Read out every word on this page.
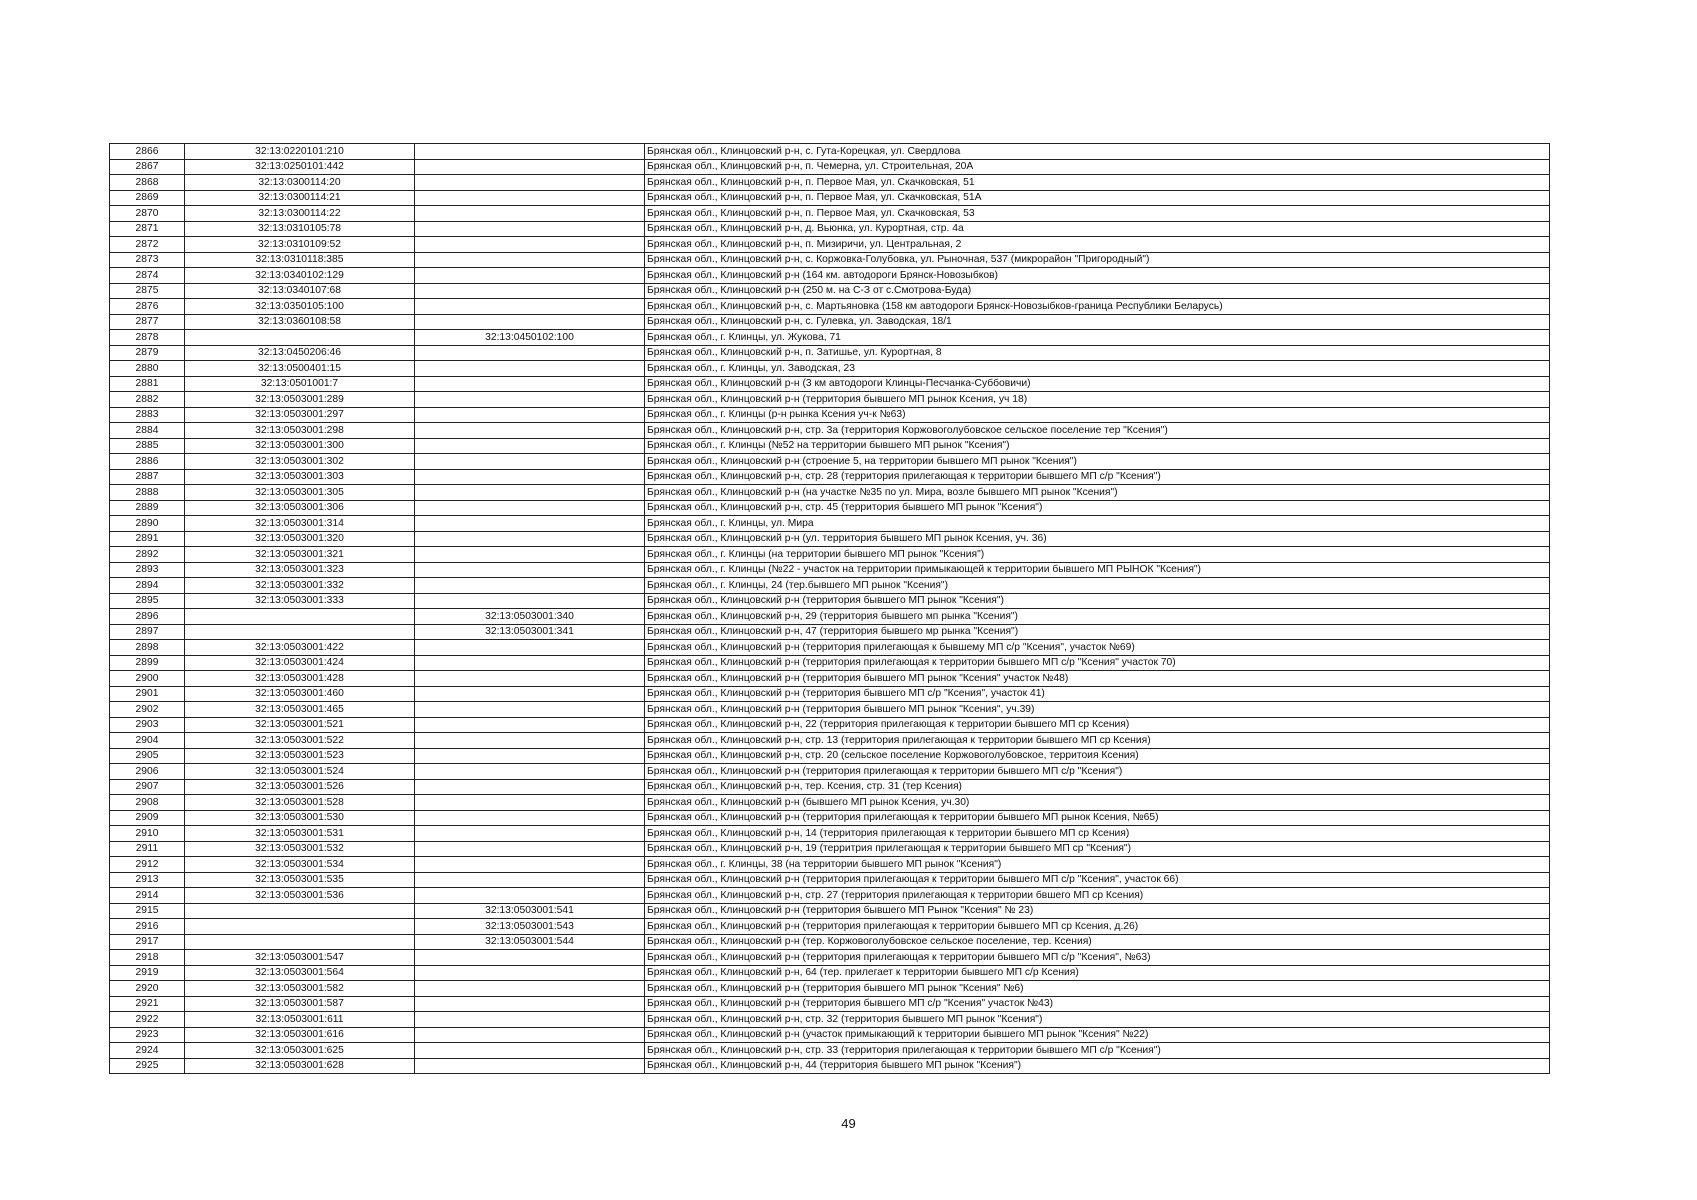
2866	32:13:0220101:210		Брянская обл., Клинцовский р-н, с. Гута-Корецкая, ул. Свердлова
2867	32:13:0250101:442		Брянская обл., Клинцовский р-н, п. Чемерна, ул. Строительная, 20А
2868	32:13:0300114:20		Брянская обл., Клинцовский р-н, п. Первое Мая, ул. Скачковская, 51
2869	32:13:0300114:21		Брянская обл., Клинцовский р-н, п. Первое Мая, ул. Скачковская, 51А
2870	32:13:0300114:22		Брянская обл., Клинцовский р-н, п. Первое Мая, ул. Скачковская, 53
2871	32:13:0310105:78		Брянская обл., Клинцовский р-н, д. Вьюнка, ул. Курортная, стр. 4а
2872	32:13:0310109:52		Брянская обл., Клинцовский р-н, п. Мизиричи, ул. Центральная, 2
2873	32:13:0310118:385		Брянская обл., Клинцовский р-н, с. Коржовка-Голубовка, ул. Рыночная, 537 (микрорайон "Пригородный")
2874	32:13:0340102:129		Брянская обл., Клинцовский р-н (164 км. автодороги Брянск-Новозыбков)
2875	32:13:0340107:68		Брянская обл., Клинцовский р-н (250 м. на С-З от с.Смотрова-Буда)
2876	32:13:0350105:100		Брянская обл., Клинцовский р-н, с. Мартьяновка (158 км автодороги Брянск-Новозыбков-граница Республики Беларусь)
2877	32:13:0360108:58		Брянская обл., Клинцовский р-н, с. Гулевка, ул. Заводская, 18/1
2878		32:13:0450102:100	Брянская обл., г. Клинцы, ул. Жукова, 71
2879	32:13:0450206:46		Брянская обл., Клинцовский р-н, п. Затишье, ул. Курортная, 8
2880	32:13:0500401:15		Брянская обл., г. Клинцы, ул. Заводская, 23
2881	32:13:0501001:7		Брянская обл., Клинцовский р-н (3 км автодороги Клинцы-Песчанка-Суббовичи)
2882	32:13:0503001:289		Брянская обл., Клинцовский р-н (территория бывшего МП рынок Ксения, уч 18)
2883	32:13:0503001:297		Брянская обл., г. Клинцы (р-н рынка Ксения уч-к №63)
2884	32:13:0503001:298		Брянская обл., Клинцовский р-н, стр. 3а (территория Коржовоголубовское сельское поселение тер "Ксения")
2885	32:13:0503001:300		Брянская обл., г. Клинцы (№52 на территории бывшего МП рынок "Ксения")
2886	32:13:0503001:302		Брянская обл., Клинцовский р-н (строение 5, на территории бывшего МП рынок "Ксения")
2887	32:13:0503001:303		Брянская обл., Клинцовский р-н, стр. 28 (территория прилегающая к территории бывшего МП с/р "Ксения")
2888	32:13:0503001:305		Брянская обл., Клинцовский р-н (на участке №35 по ул. Мира, возле бывшего МП рынок "Ксения")
2889	32:13:0503001:306		Брянская обл., Клинцовский р-н, стр. 45 (территория бывшего МП рынок "Ксения")
2890	32:13:0503001:314		Брянская обл., г. Клинцы, ул. Мира
2891	32:13:0503001:320		Брянская обл., Клинцовский р-н (ул. территория бывшего МП рынок Ксения, уч. 36)
2892	32:13:0503001:321		Брянская обл., г. Клинцы (на территории бывшего МП рынок "Ксения")
2893	32:13:0503001:323		Брянская обл., г. Клинцы (№22 - участок на территории примыкающей к территории бывшего МП РЫНОК "Ксения")
2894	32:13:0503001:332		Брянская обл., г. Клинцы, 24 (тер.бывшего МП рынок "Ксения")
2895	32:13:0503001:333		Брянская обл., Клинцовский р-н (территория бывшего МП рынок "Ксения")
2896		32:13:0503001:340	Брянская обл., Клинцовский р-н, 29 (территория бывшего мп рынка "Ксения")
2897		32:13:0503001:341	Брянская обл., Клинцовский р-н, 47 (территория бывшего мр рынка "Ксения")
2898	32:13:0503001:422		Брянская обл., Клинцовский р-н (территория прилегающая к бывшему МП с/р "Ксения", участок №69)
2899	32:13:0503001:424		Брянская обл., Клинцовский р-н (территория прилегающая к территории бывшего МП с/р "Ксения" участок 70)
2900	32:13:0503001:428		Брянская обл., Клинцовский р-н (территория бывшего МП рынок "Ксения" участок №48)
2901	32:13:0503001:460		Брянская обл., Клинцовский р-н (территория бывшего МП с/р "Ксения", участок 41)
2902	32:13:0503001:465		Брянская обл., Клинцовский р-н (территория бывшего МП рынок "Ксения", уч.39)
2903	32:13:0503001:521		Брянская обл., Клинцовский р-н, 22 (территория прилегающая к территории бывшего МП ср Ксения)
2904	32:13:0503001:522		Брянская обл., Клинцовский р-н, стр. 13 (территория прилегающая к территории бывшего МП ср Ксения)
2905	32:13:0503001:523		Брянская обл., Клинцовский р-н, стр. 20 (сельское поселение Коржовоголубовское, территоия Ксения)
2906	32:13:0503001:524		Брянская обл., Клинцовский р-н (территория прилегающая к территории бывшего МП с/р "Ксения")
2907	32:13:0503001:526		Брянская обл., Клинцовский р-н, тер. Ксения, стр. 31 (тер Ксения)
2908	32:13:0503001:528		Брянская обл., Клинцовский р-н (бывшего МП рынок Ксения, уч.30)
2909	32:13:0503001:530		Брянская обл., Клинцовский р-н (территория прилегающая к территории бывшего МП рынок Ксения, №65)
2910	32:13:0503001:531		Брянская обл., Клинцовский р-н, 14 (территория прилегающая к территории бывшего МП ср Ксения)
2911	32:13:0503001:532		Брянская обл., Клинцовский р-н, 19 (территрия прилегающая к территории бывшего МП ср "Ксения")
2912	32:13:0503001:534		Брянская обл., г. Клинцы, 38 (на территории бывшего МП рынок "Ксения")
2913	32:13:0503001:535		Брянская обл., Клинцовский р-н (территория прилегающая к территории бывшего МП с/р "Ксения", участок 66)
2914	32:13:0503001:536		Брянская обл., Клинцовский р-н, стр. 27 (территория прилегающая к территории бвшего МП ср Ксения)
2915		32:13:0503001:541	Брянская обл., Клинцовский р-н (территория бывшего МП Рынок "Ксения" № 23)
2916		32:13:0503001:543	Брянская обл., Клинцовский р-н (территория прилегающая к территории бывшего МП ср Ксения, д.26)
2917		32:13:0503001:544	Брянская обл., Клинцовский р-н (тер. Коржовоголубовское сельское поселение, тер. Ксения)
2918	32:13:0503001:547		Брянская обл., Клинцовский р-н (территория прилегающая к территории бывшего МП с/р "Ксения", №63)
2919	32:13:0503001:564		Брянская обл., Клинцовский р-н, 64 (тер. прилегает к территории бывшего МП с/р Ксения)
2920	32:13:0503001:582		Брянская обл., Клинцовский р-н (территория бывшего МП рынок "Ксения" №6)
2921	32:13:0503001:587		Брянская обл., Клинцовский р-н (территория бывшего МП с/р "Ксения" участок №43)
2922	32:13:0503001:611		Брянская обл., Клинцовский р-н, стр. 32 (территория бывшего МП рынок "Ксения")
2923	32:13:0503001:616		Брянская обл., Клинцовский р-н (участок примыкающий к территории бывшего МП рынок "Ксения" №22)
2924	32:13:0503001:625		Брянская обл., Клинцовский р-н, стр. 33 (территория прилегающая к территории бывшего МП с/р "Ксения")
2925	32:13:0503001:628		Брянская обл., Клинцовский р-н, 44 (территория бывшего МП рынок "Ксения")
49
